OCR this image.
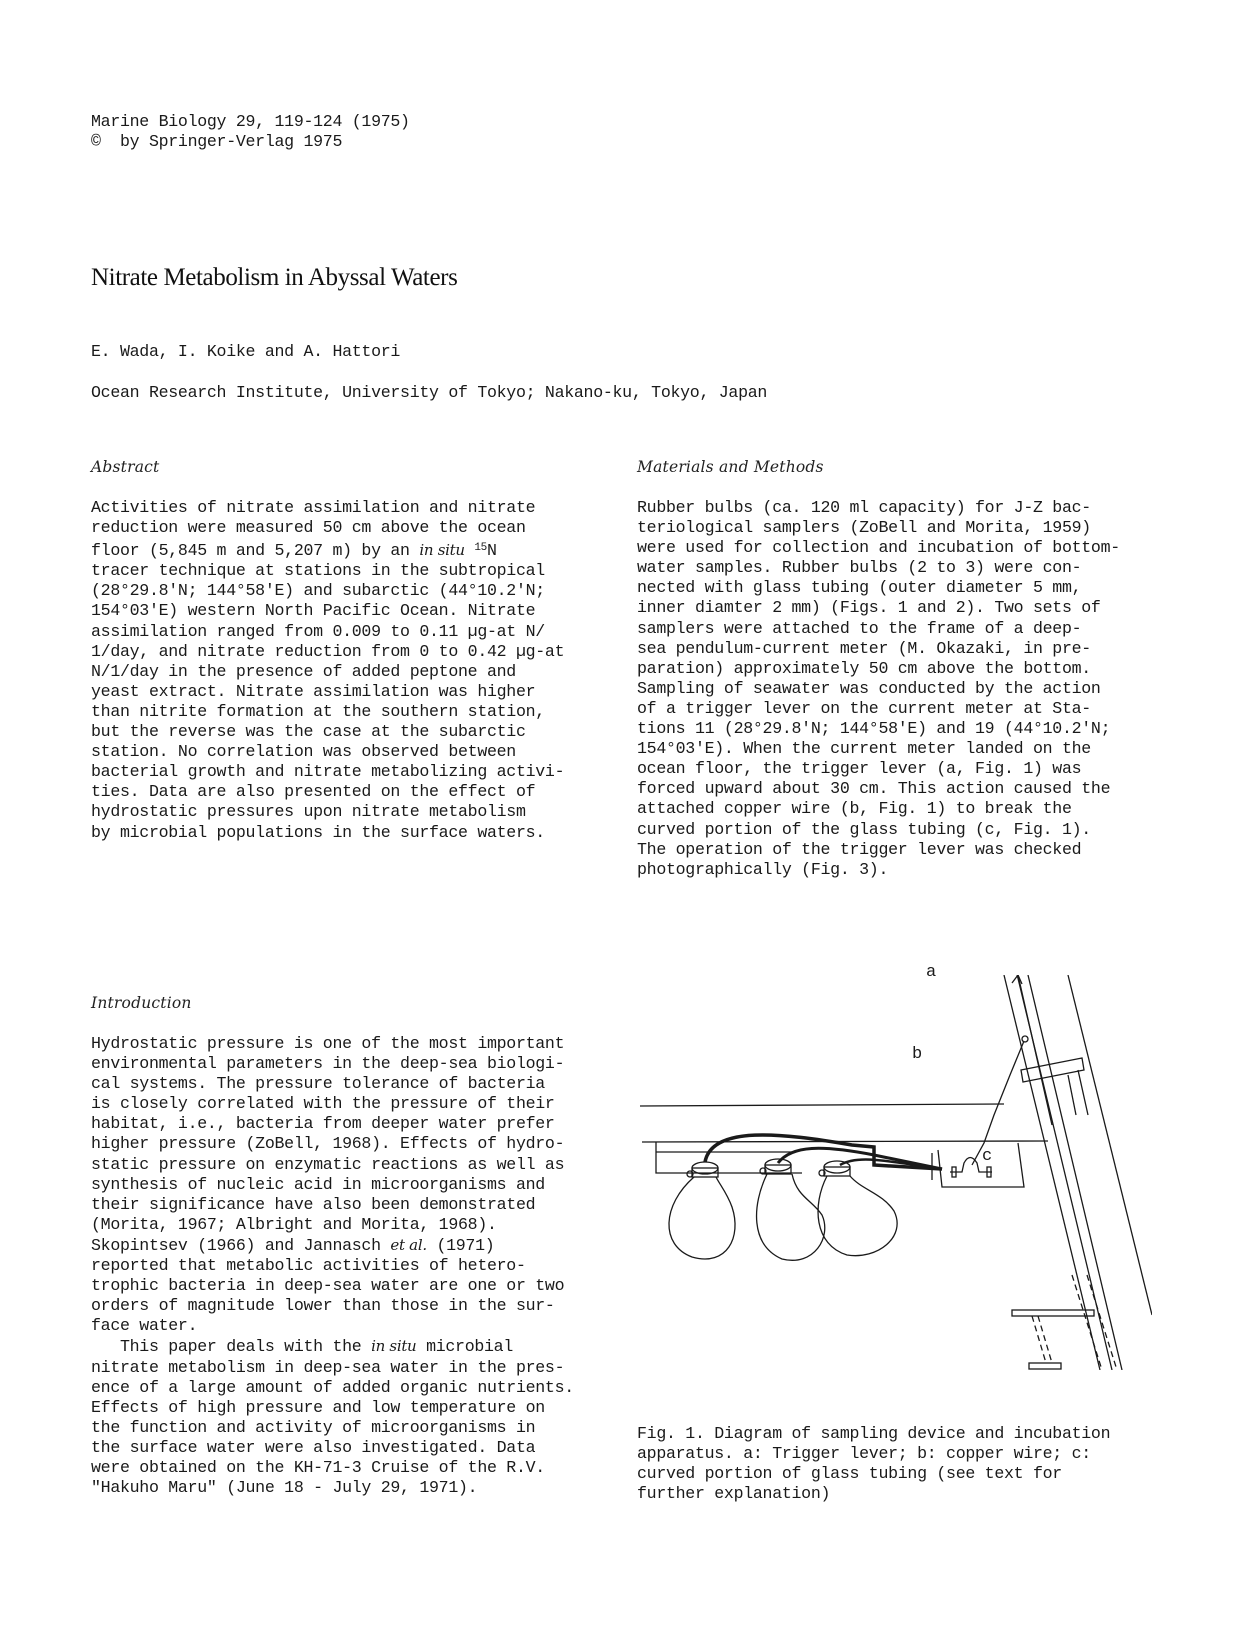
Marine Biology 29, 119-124 (1975)
©  by Springer-Verlag 1975
Nitrate Metabolism in Abyssal Waters
E. Wada, I. Koike and A. Hattori
Ocean Research Institute, University of Tokyo; Nakano-ku, Tokyo, Japan
Abstract

Activities of nitrate assimilation and nitrate

reduction were measured 50 cm above the ocean

floor (5,845 m and 5,207 m) by an in situ $^{15}$N

tracer technique at stations in the subtropical

(28°29.8'N; 144°58'E) and subarctic (44°10.2'N;

154°03'E) western North Pacific Ocean. Nitrate

assimilation ranged from 0.009 to 0.11 µg-at N/

1/day, and nitrate reduction from 0 to 0.42 µg-at

N/1/day in the presence of added peptone and

yeast extract. Nitrate assimilation was higher

than nitrite formation at the southern station,

but the reverse was the case at the subarctic

station. No correlation was observed between

bacterial growth and nitrate metabolizing activi-

ties. Data are also presented on the effect of

hydrostatic pressures upon nitrate metabolism

by microbial populations in the surface waters.

Materials and Methods

Rubber bulbs (ca. 120 ml capacity) for J-Z bac-

teriological samplers (ZoBell and Morita, 1959)

were used for collection and incubation of bottom-

water samples. Rubber bulbs (2 to 3) were con-

nected with glass tubing (outer diameter 5 mm,

inner diamter 2 mm) (Figs. 1 and 2). Two sets of

samplers were attached to the frame of a deep-

sea pendulum-current meter (M. Okazaki, in pre-

paration) approximately 50 cm above the bottom.

Sampling of seawater was conducted by the action

of a trigger lever on the current meter at Sta-

tions 11 (28°29.8'N; 144°58'E) and 19 (44°10.2'N;

154°03'E). When the current meter landed on the

ocean floor, the trigger lever (a, Fig. 1) was

forced upward about 30 cm. This action caused the

attached copper wire (b, Fig. 1) to break the

curved portion of the glass tubing (c, Fig. 1).

The operation of the trigger lever was checked

photographically (Fig. 3).

Introduction

Hydrostatic pressure is one of the most important

environmental parameters in the deep-sea biologi-

cal systems. The pressure tolerance of bacteria

is closely correlated with the pressure of their

habitat, i.e., bacteria from deeper water prefer

higher pressure (ZoBell, 1968). Effects of hydro-

static pressure on enzymatic reactions as well as

synthesis of nucleic acid in microorganisms and

their significance have also been demonstrated

(Morita, 1967; Albright and Morita, 1968).

Skopintsev (1966) and Jannasch et al. (1971)

reported that metabolic activities of hetero-

trophic bacteria in deep-sea water are one or two

orders of magnitude lower than those in the sur-

face water.

This paper deals with the in situ microbial

nitrate metabolism in deep-sea water in the pres-

ence of a large amount of added organic nutrients.

Effects of high pressure and low temperature on

the function and activity of microorganisms in

the surface water were also investigated. Data

were obtained on the KH-71-3 Cruise of the R.V.

"Hakuho Maru" (June 18 - July 29, 1971).

a
b
c

Fig. 1. Diagram of sampling device and incubation

apparatus. a: Trigger lever; b: copper wire; c:

curved portion of glass tubing (see text for

further explanation)
